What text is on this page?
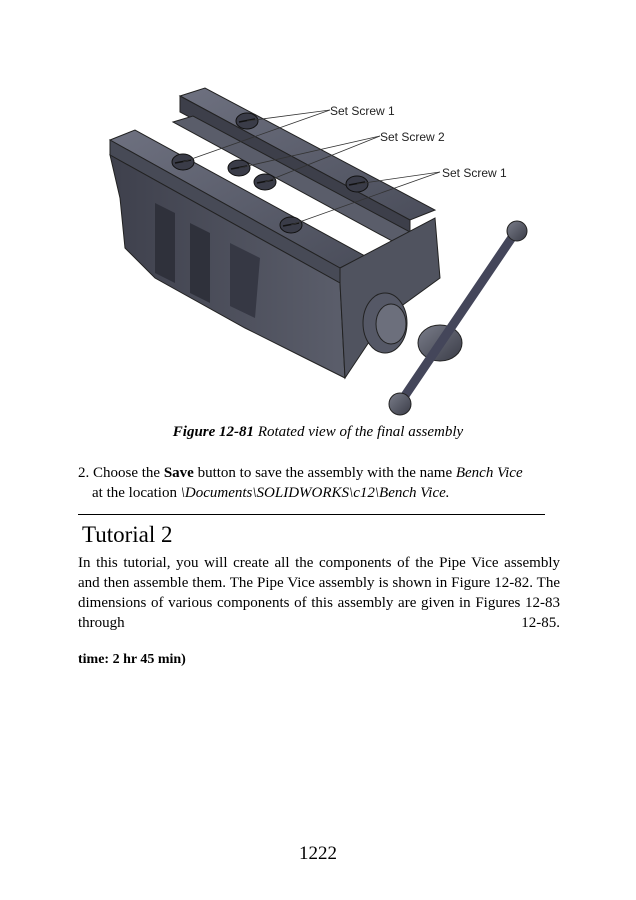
Set Screw 1
Set Screw 2
Set Screw 1
Figure 12-81 Rotated view of the final assembly
2. Choose the Save button to save the assembly with the name Bench Vice
at the location \Documents\SOLIDWORKS\c12\Bench Vice.
Tutorial 2
In this tutorial, you will create all the components of the Pipe Vice assembly and then assemble them. The Pipe Vice assembly is shown in Figure 12-82. The dimensions of various components of this assembly are given in Figures 12-83 through 12-85.
time: 2 hr 45 min)
1222
